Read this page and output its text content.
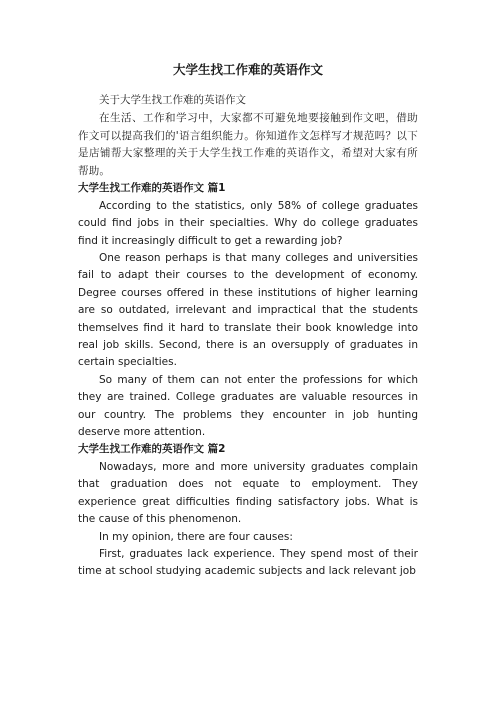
大学生找工作难的英语作文

关于大学生找工作难的英语作文

在生活、工作和学习中，大家都不可避免地要接触到作文吧，借助作文可以提高我们的'语言组织能力。你知道作文怎样写才规范吗？以下是店铺帮大家整理的关于大学生找工作难的英语作文，希望对大家有所帮助。

大学生找工作难的英语作文 篇1

According to the statistics, only 58% of college graduates could find jobs in their specialties. Why do college graduates find it increasingly difficult to get a rewarding job?

One reason perhaps is that many colleges and universities fail to adapt their courses to the development of economy. Degree courses offered in these institutions of higher learning are so outdated, irrelevant and impractical that the students themselves find it hard to translate their book knowledge into real job skills. Second, there is an oversupply of graduates in certain specialties.

So many of them can not enter the professions for which they are trained. College graduates are valuable resources in our country. The problems they encounter in job hunting deserve more attention.

大学生找工作难的英语作文 篇2

Nowadays, more and more university graduates complain that graduation does not equate to employment. They experience great difficulties finding satisfactory jobs. What is the cause of this phenomenon.

In my opinion, there are four causes:

First, graduates lack experience. They spend most of their time at school studying academic subjects and lack relevant job
